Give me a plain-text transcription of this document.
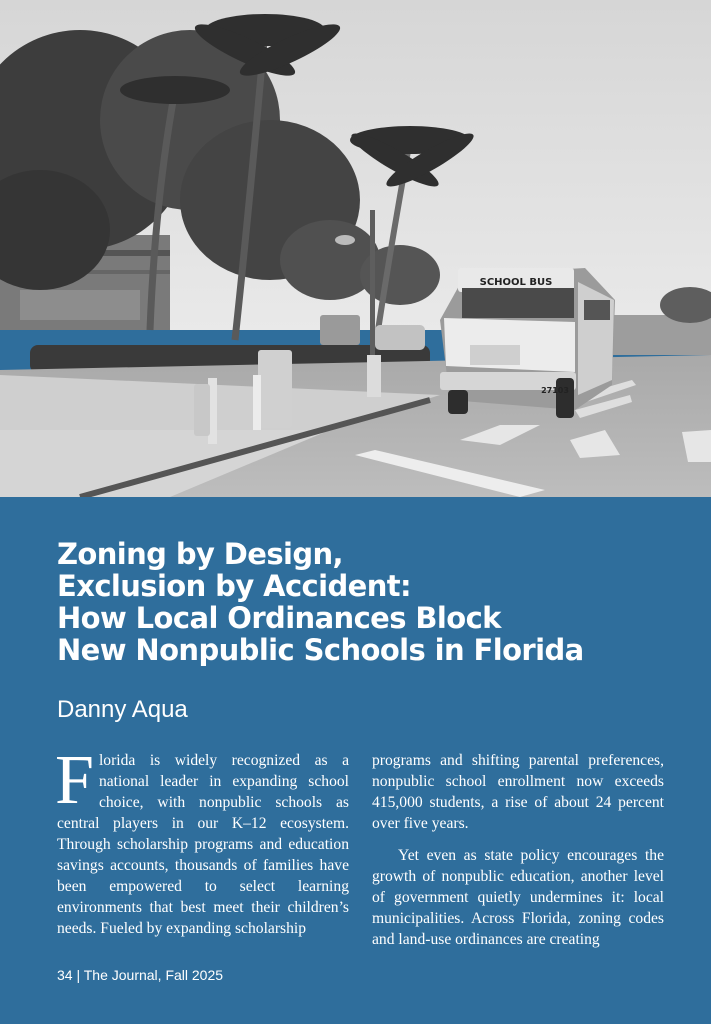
SCHOOL BUS
27103
Zoning by Design,
Exclusion by Accident:
How Local Ordinances Block
New Nonpublic Schools in Florida

Danny Aqua

Florida is widely recognized as a national leader in expanding school choice, with nonpublic schools as central players in our K–12 ecosystem. Through scholarship programs and education savings accounts, thousands of families have been empowered to select learning environments that best meet their children’s needs. Fueled by expanding scholarship

programs and shifting parental preferences, nonpublic school enrollment now exceeds 415,000 students, a rise of about 24 percent over five years.

Yet even as state policy encourages the growth of nonpublic education, another level of government quietly undermines it: local municipalities. Across Florida, zoning codes and land-use ordinances are creating

34 | The Journal, Fall 2025
